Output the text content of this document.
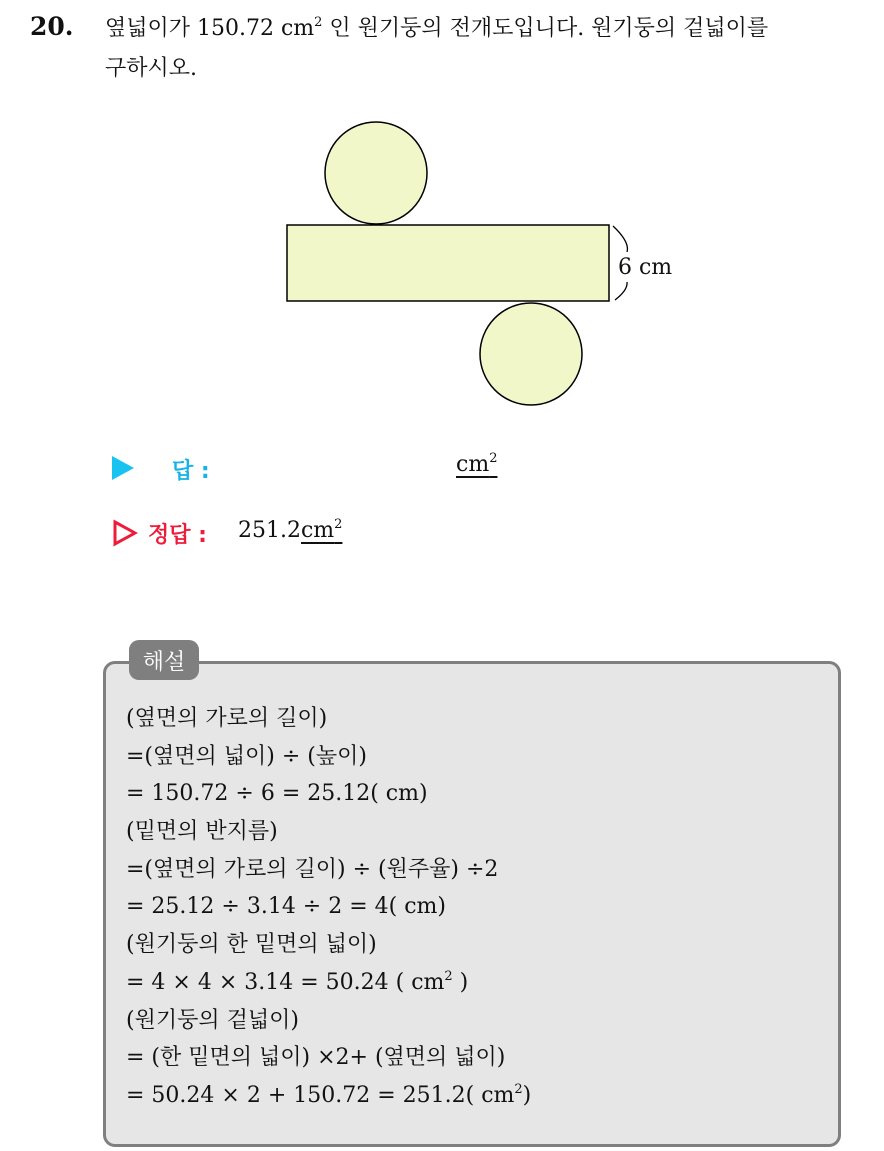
20. 옆넓이가 150.72 $cm^2$ 인 원기둥의 전개도입니다. 원기둥의 겉넓이를
구하시오.
6 cm
답 :	$cm^2$
정답 : $251.2cm^2$
해설
(옆면의 가로의 길이)
=(옆면의 넓이) ÷ (높이)
= 150.72 ÷ 6 = 25.12( cm)
(밑면의 반지름)
=(옆면의 가로의 길이) ÷ (원주율) ÷2
= 25.12 ÷ 3.14 ÷ 2 = 4( cm)
(원기둥의 한 밑면의 넓이)
= 4 × 4 × 3.14 = 50.24 ( $cm^2$ )
(원기둥의 겉넓이)
= (한 밑면의 넓이) ×2+ (옆면의 넓이)
= 50.24 × 2 + 150.72 = 251.2( $cm^2$)
